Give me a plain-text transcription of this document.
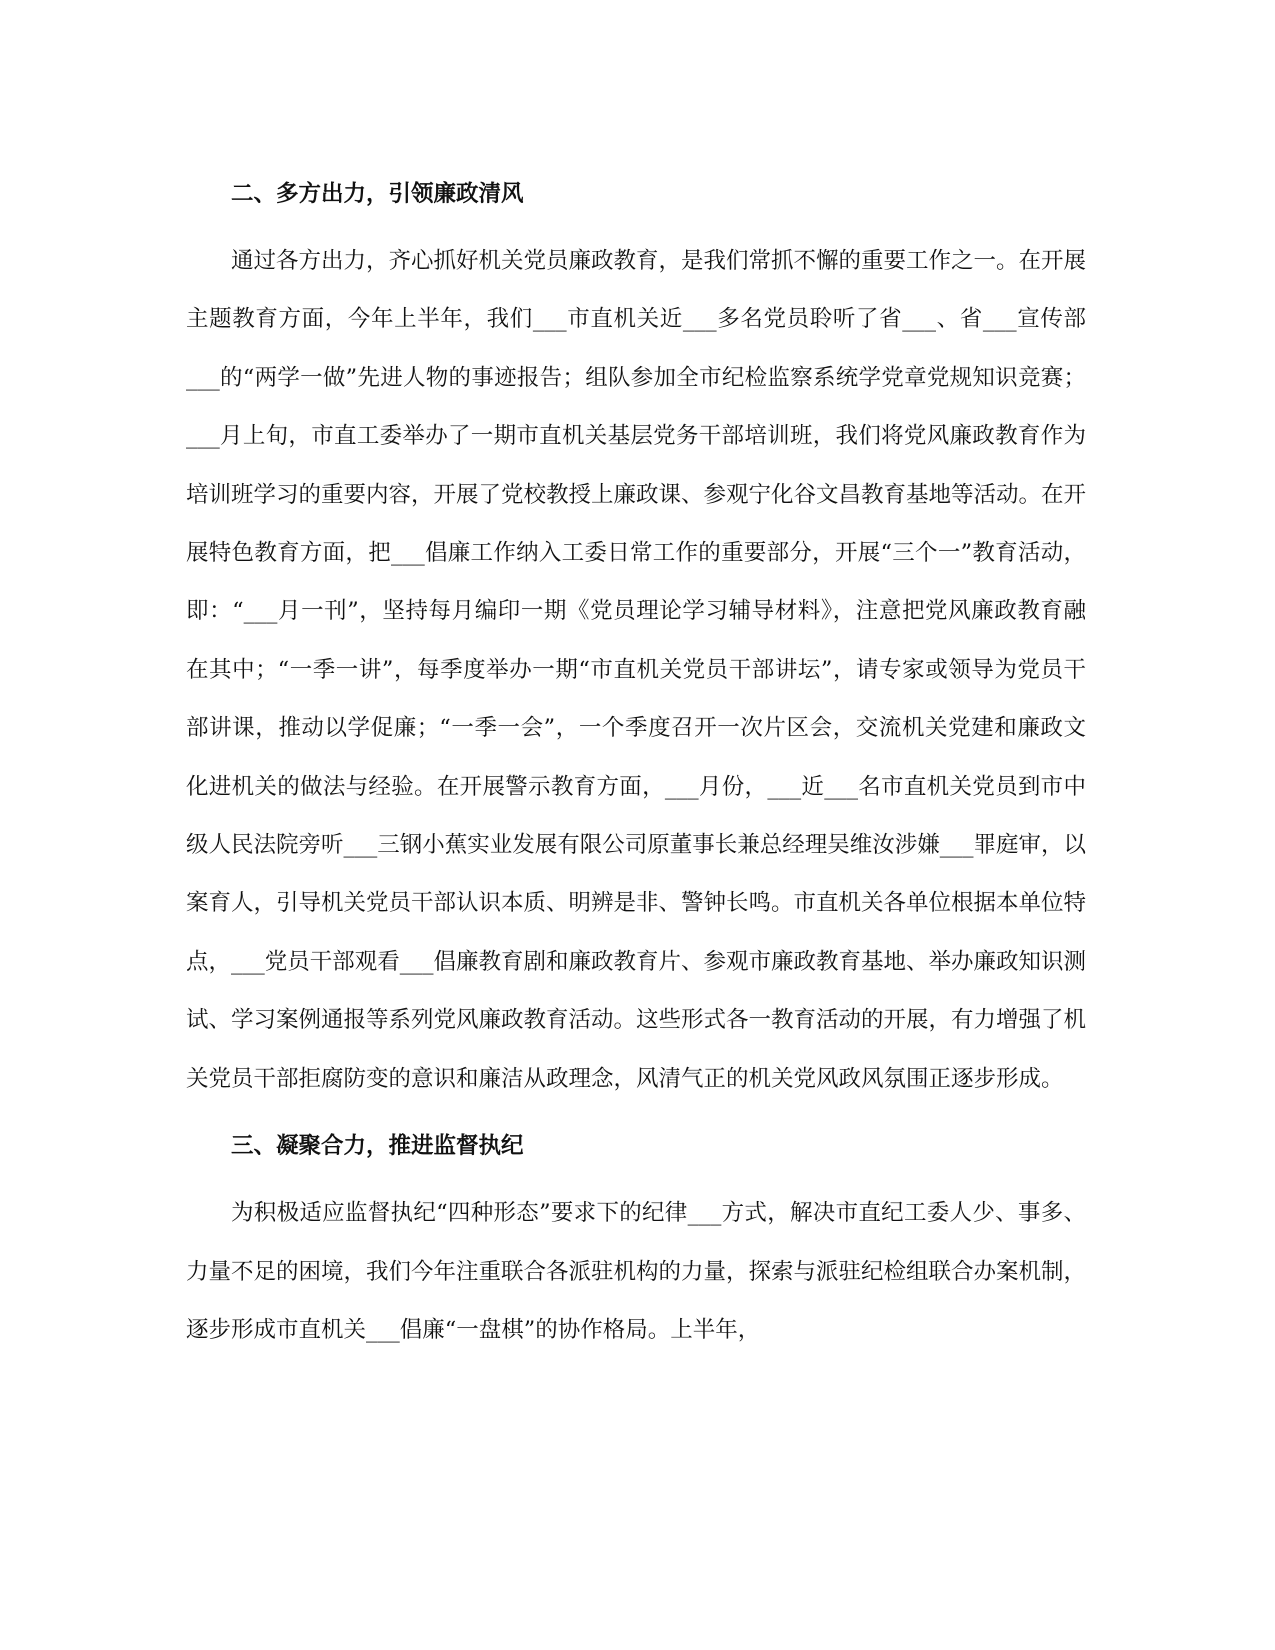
二、多方出力，引领廉政清风

通过各方出力，齐心抓好机关党员廉政教育，是我们常抓不懈的重要工作之一。在开展主题教育方面，今年上半年，我们___市直机关近___多名党员聆听了省___、省___宣传部___的“两学一做”先进人物的事迹报告；组队参加全市纪检监察系统学党章党规知识竞赛；___月上旬，市直工委举办了一期市直机关基层党务干部培训班，我们将党风廉政教育作为培训班学习的重要内容，开展了党校教授上廉政课、参观宁化谷文昌教育基地等活动。在开展特色教育方面，把___倡廉工作纳入工委日常工作的重要部分，开展“三个一”教育活动，即：“___月一刊”，坚持每月编印一期《党员理论学习辅导材料》，注意把党风廉政教育融在其中；“一季一讲”，每季度举办一期“市直机关党员干部讲坛”，请专家或领导为党员干部讲课，推动以学促廉；“一季一会”，一个季度召开一次片区会，交流机关党建和廉政文化进机关的做法与经验。在开展警示教育方面，___月份，___近___名市直机关党员到市中级人民法院旁听___三钢小蕉实业发展有限公司原董事长兼总经理吴维汝涉嫌___罪庭审，以案育人，引导机关党员干部认识本质、明辨是非、警钟长鸣。市直机关各单位根据本单位特点，___党员干部观看___倡廉教育剧和廉政教育片、参观市廉政教育基地、举办廉政知识测试、学习案例通报等系列党风廉政教育活动。这些形式各一教育活动的开展，有力增强了机关党员干部拒腐防变的意识和廉洁从政理念，风清气正的机关党风政风氛围正逐步形成。

三、凝聚合力，推进监督执纪

为积极适应监督执纪“四种形态”要求下的纪律___方式，解决市直纪工委人少、事多、力量不足的困境，我们今年注重联合各派驻机构的力量，探索与派驻纪检组联合办案机制，逐步形成市直机关___倡廉“一盘棋”的协作格局。上半年，
